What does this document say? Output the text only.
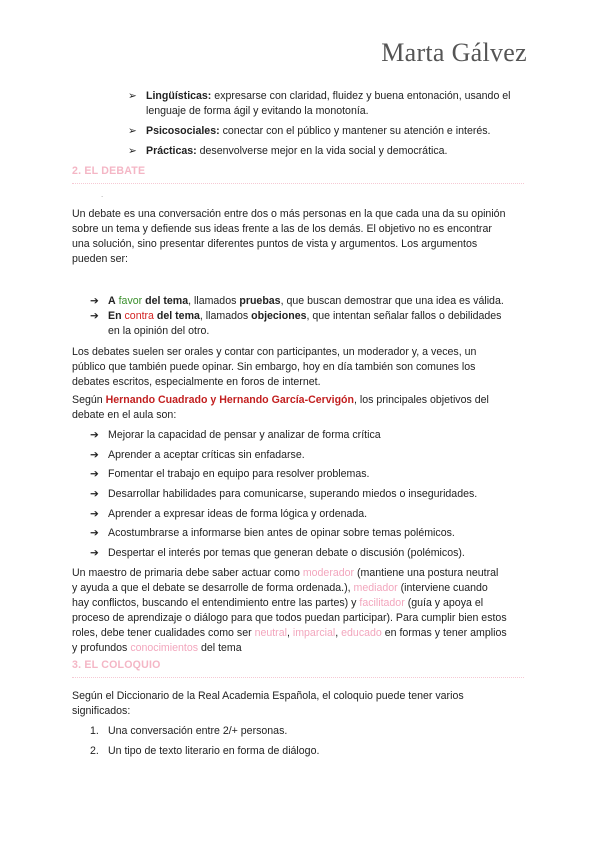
Marta Gálvez
➢ Lingüísticas: expresarse con claridad, fluidez y buena entonación, usando el
lenguaje de forma ágil y evitando la monotonía.
➢ Psicosociales: conectar con el público y mantener su atención e interés.
➢ Prácticas: desenvolverse mejor en la vida social y democrática.
2. EL DEBATE
.
Un debate es una conversación entre dos o más personas en la que cada una da su opinión
sobre un tema y defiende sus ideas frente a las de los demás. El objetivo no es encontrar
una solución, sino presentar diferentes puntos de vista y argumentos. Los argumentos
pueden ser:
➔ A favor del tema, llamados pruebas, que buscan demostrar que una idea es válida.
➔ En contra del tema, llamados objeciones, que intentan señalar fallos o debilidades
en la opinión del otro.
Los debates suelen ser orales y contar con participantes, un moderador y, a veces, un
público que también puede opinar. Sin embargo, hoy en día también son comunes los
debates escritos, especialmente en foros de internet.
Según Hernando Cuadrado y Hernando García-Cervigón, los principales objetivos del
debate en el aula son:
➔ Mejorar la capacidad de pensar y analizar de forma crítica
➔ Aprender a aceptar críticas sin enfadarse.
➔ Fomentar el trabajo en equipo para resolver problemas.
➔ Desarrollar habilidades para comunicarse, superando miedos o inseguridades.
➔ Aprender a expresar ideas de forma lógica y ordenada.
➔ Acostumbrarse a informarse bien antes de opinar sobre temas polémicos.
➔ Despertar el interés por temas que generan debate o discusión (polémicos).
Un maestro de primaria debe saber actuar como moderador (mantiene una postura neutral
y ayuda a que el debate se desarrolle de forma ordenada.), mediador (interviene cuando
hay conflictos, buscando el entendimiento entre las partes) y facilitador (guía y apoya el
proceso de aprendizaje o diálogo para que todos puedan participar). Para cumplir bien estos
roles, debe tener cualidades como ser neutral, imparcial, educado en formas y tener amplios
y profundos conocimientos del tema
3. EL COLOQUIO
Según el Diccionario de la Real Academia Española, el coloquio puede tener varios
significados:
1. Una conversación entre 2/+ personas.
2. Un tipo de texto literario en forma de diálogo.
